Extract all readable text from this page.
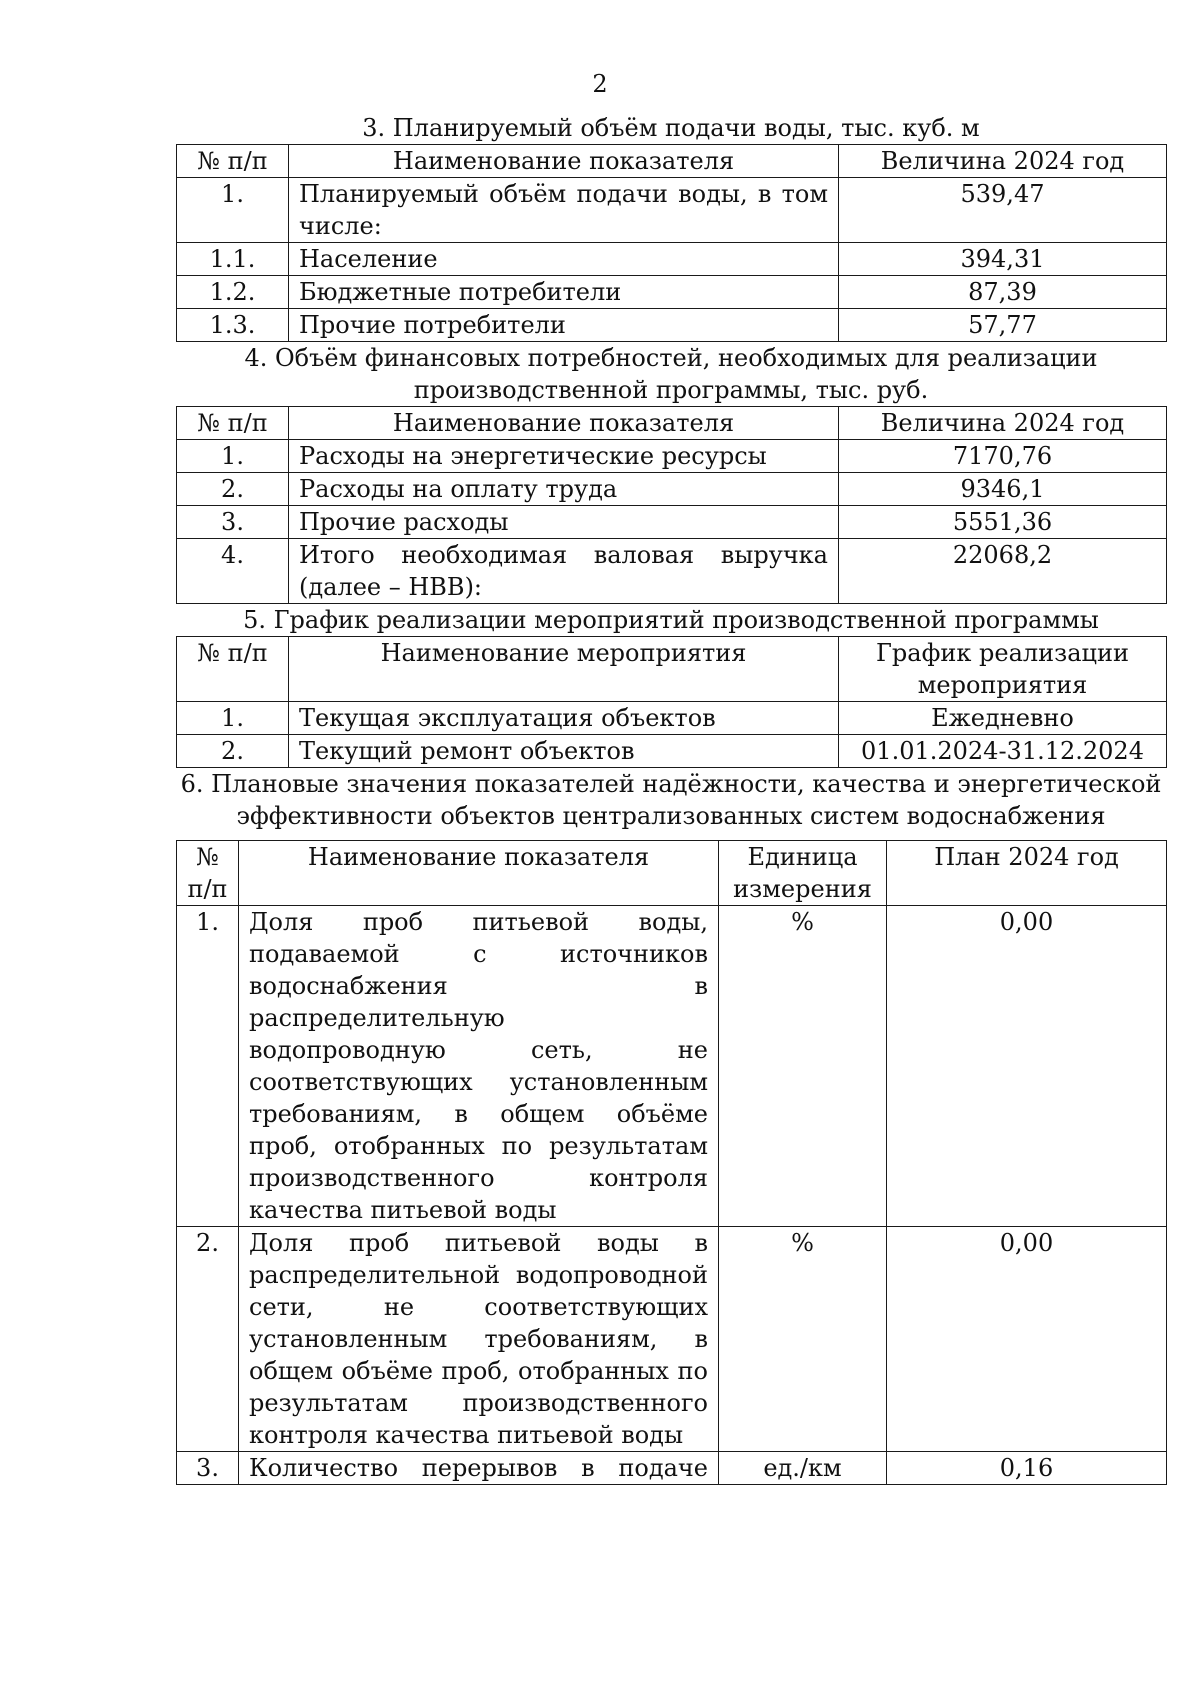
2
3. Планируемый объём подачи воды, тыс. куб. м
№ п/п	Наименование показателя	Величина 2024 год
1.	Планируемый объём подачи воды, в том числе:	539,47
1.1.	Население	394,31
1.2.	Бюджетные потребители	87,39
1.3.	Прочие потребители	57,77
4. Объём финансовых потребностей, необходимых для реализации
производственной программы, тыс. руб.
№ п/п	Наименование показателя	Величина 2024 год
1.	Расходы на энергетические ресурсы	7170,76
2.	Расходы на оплату труда	9346,1
3.	Прочие расходы	5551,36
4.	Итого необходимая валовая выручка (далее – НВВ):	22068,2
5. График реализации мероприятий производственной программы
№ п/п	Наименование мероприятия	График реализации мероприятия
1.	Текущая эксплуатация объектов	Ежедневно
2.	Текущий ремонт объектов	01.01.2024-31.12.2024
6. Плановые значения показателей надёжности, качества и энергетической
эффективности объектов централизованных систем водоснабжения
№ п/п	Наименование показателя	Единица измерения	План 2024 год
1.	Доля проб питьевой воды, подаваемой с источников водоснабжения в распределительную водопроводную сеть, не соответствующих установленным требованиям, в общем объёме проб, отобранных по результатам производственного контроля качества питьевой воды	%	0,00
2.	Доля проб питьевой воды в распределительной водопроводной сети, не соответствующих установленным требованиям, в общем объёме проб, отобранных по результатам производственного контроля качества питьевой воды	%	0,00
3.	Количество перерывов в подаче	ед./км	0,16
